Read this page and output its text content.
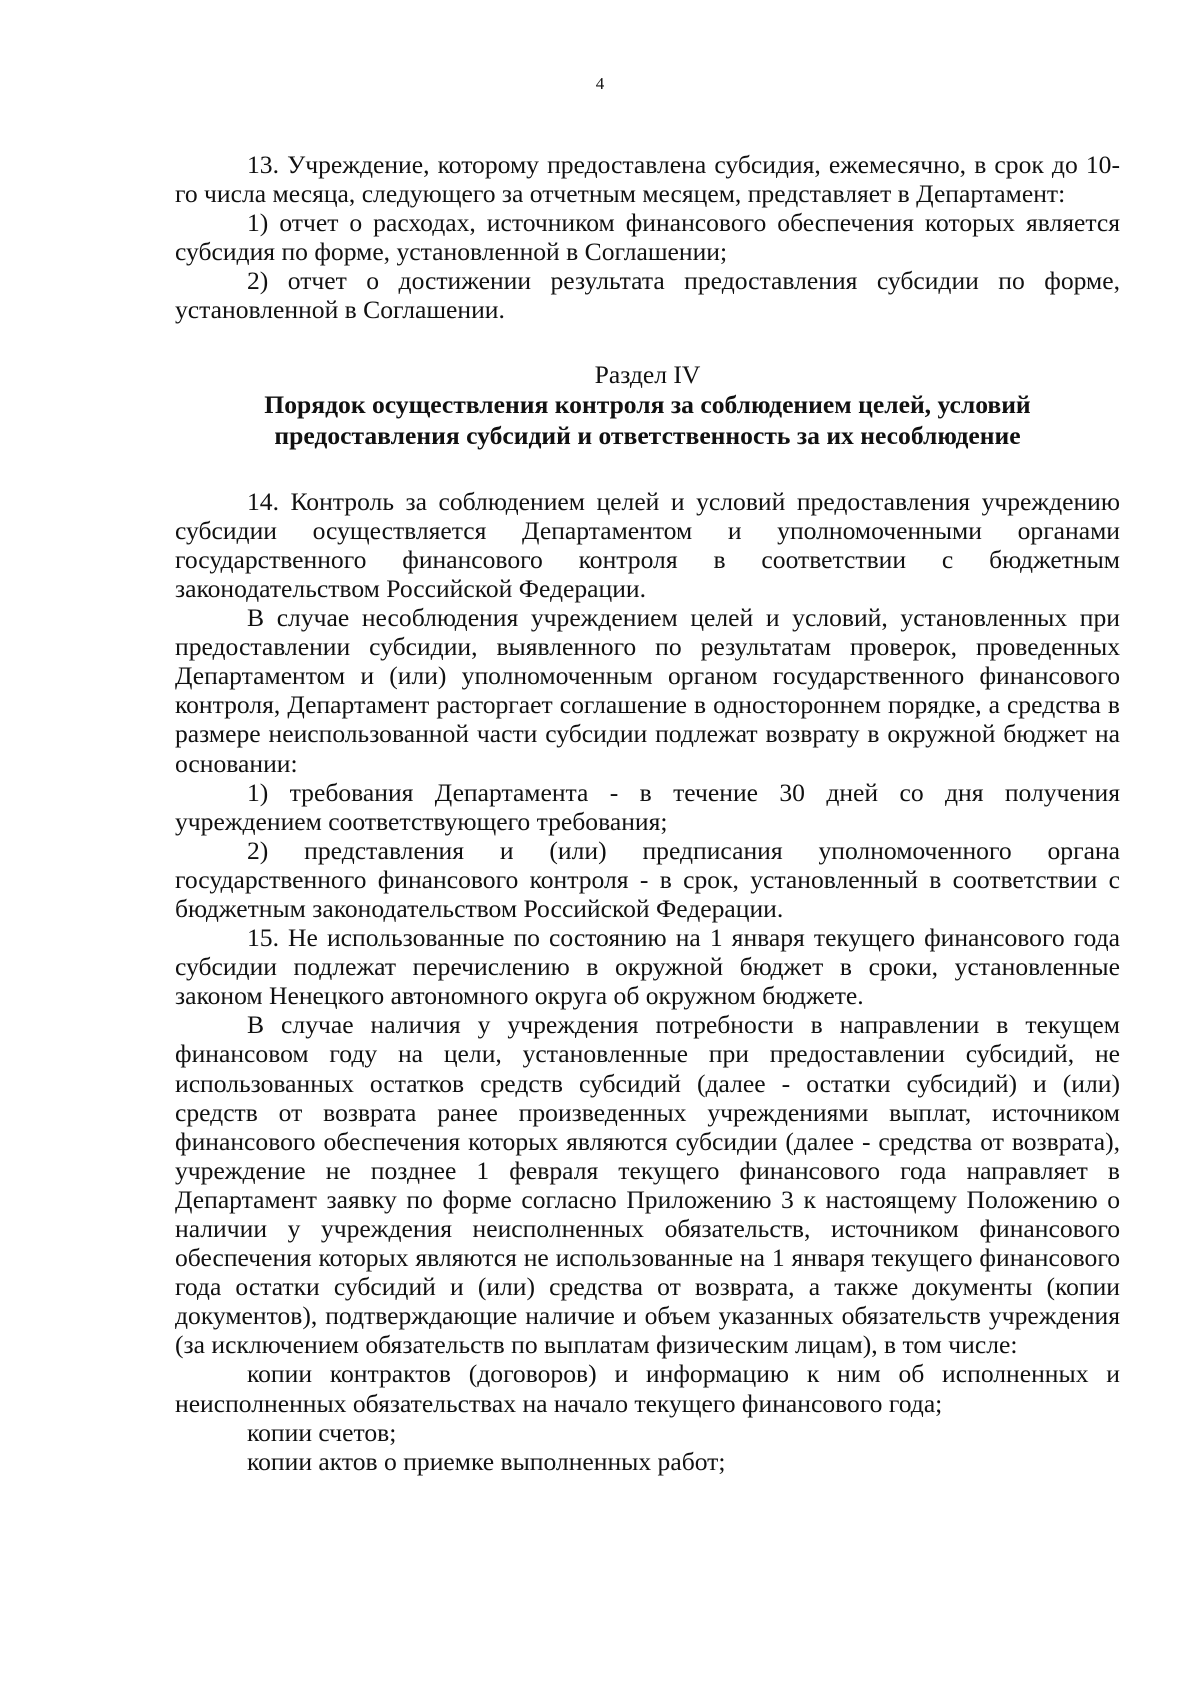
4

13. Учреждение, которому предоставлена субсидия, ежемесячно, в срок до 10-го числа месяца, следующего за отчетным месяцем, представляет в Департамент:

1) отчет о расходах, источником финансового обеспечения которых является субсидия по форме, установленной в Соглашении;

2) отчет о достижении результата предоставления субсидии по форме, установленной в Соглашении.

Раздел IV
Порядок осуществления контроля за соблюдением целей, условий
предоставления субсидий и ответственность за их несоблюдение

14. Контроль за соблюдением целей и условий предоставления учреждению субсидии осуществляется Департаментом и уполномоченными органами государственного финансового контроля в соответствии с бюджетным законодательством Российской Федерации.

В случае несоблюдения учреждением целей и условий, установленных при предоставлении субсидии, выявленного по результатам проверок, проведенных Департаментом и (или) уполномоченным органом государственного финансового контроля, Департамент расторгает соглашение в одностороннем порядке, а средства в размере неиспользованной части субсидии подлежат возврату в окружной бюджет на основании:

1) требования Департамента - в течение 30 дней со дня получения учреждением соответствующего требования;

2) представления и (или) предписания уполномоченного органа государственного финансового контроля - в срок, установленный в соответствии с бюджетным законодательством Российской Федерации.

15. Не использованные по состоянию на 1 января текущего финансового года субсидии подлежат перечислению в окружной бюджет в сроки, установленные законом Ненецкого автономного округа об окружном бюджете.

В случае наличия у учреждения потребности в направлении в текущем финансовом году на цели, установленные при предоставлении субсидий, не использованных остатков средств субсидий (далее - остатки субсидий) и (или) средств от возврата ранее произведенных учреждениями выплат, источником финансового обеспечения которых являются субсидии (далее - средства от возврата), учреждение не позднее 1 февраля текущего финансового года направляет в Департамент заявку по форме согласно Приложению 3 к настоящему Положению о наличии у учреждения неисполненных обязательств, источником финансового обеспечения которых являются не использованные на 1 января текущего финансового года остатки субсидий и (или) средства от возврата, а также документы (копии документов), подтверждающие наличие и объем указанных обязательств учреждения (за исключением обязательств по выплатам физическим лицам), в том числе:

копии контрактов (договоров) и информацию к ним об исполненных и неисполненных обязательствах на начало текущего финансового года;

копии счетов;

копии актов о приемке выполненных работ;
